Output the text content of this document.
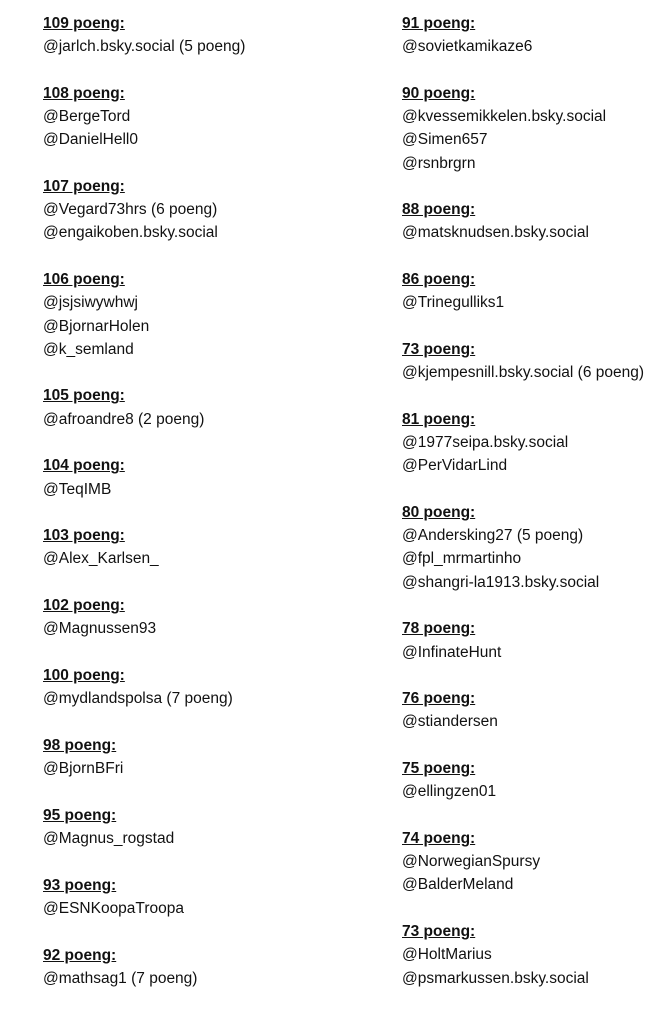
109 poeng:
@jarlch.bsky.social (5 poeng)
108 poeng:
@BergeTord
@DanielHell0
107 poeng:
@Vegard73hrs (6 poeng)
@engaikoben.bsky.social
106 poeng:
@jsjsiwywhwj
@BjornarHolen
@k_semland
105 poeng:
@afroandre8 (2 poeng)
104 poeng:
@TeqIMB
103 poeng:
@Alex_Karlsen_
102 poeng:
@Magnussen93
100 poeng:
@mydlandspolsa (7 poeng)
98 poeng:
@BjornBFri
95 poeng:
@Magnus_rogstad
93 poeng:
@ESNKoopaTroopa
92 poeng:
@mathsag1 (7 poeng)
91 poeng:
@sovietkamikaze6
90 poeng:
@kvessemikkelen.bsky.social
@Simen657
@rsnbrgrn
88 poeng:
@matsknudsen.bsky.social
86 poeng:
@Trinegulliks1
73 poeng:
@kjempesnill.bsky.social (6 poeng)
81 poeng:
@1977seipa.bsky.social
@PerVidarLind
80 poeng:
@Andersking27 (5 poeng)
@fpl_mrmartinho
@shangri-la1913.bsky.social
78 poeng:
@InfinateHunt
76 poeng:
@stiandersen
75 poeng:
@ellingzen01
74 poeng:
@NorwegianSpursy
@BalderMeland
73 poeng:
@HoltMarius
@psmarkussen.bsky.social
